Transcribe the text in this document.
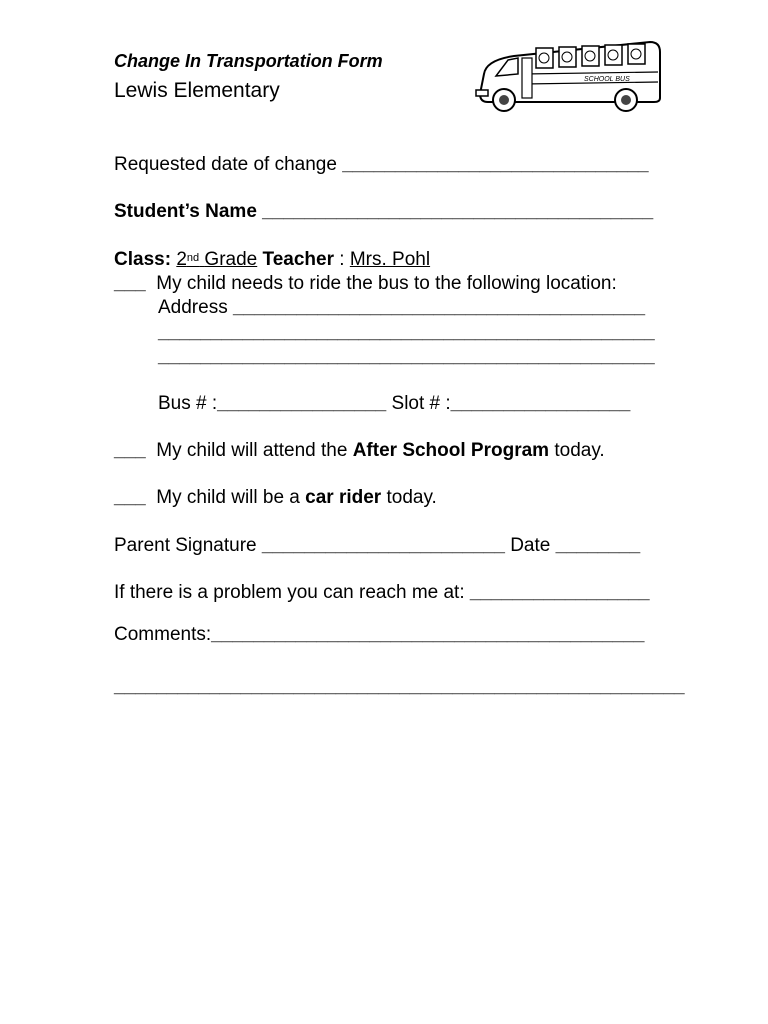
Change In Transportation Form
Lewis Elementary	SCHOOL BUS
Requested date of change _____________________________
Student’s Name _____________________________________
Class: 2nd Grade Teacher : Mrs. Pohl
___ My child needs to ride the bus to the following location:
Address _______________________________________
_______________________________________________
_______________________________________________
Bus # :________________ Slot # :_________________
___ My child will attend the After School Program today.
___ My child will be a car rider today.
Parent Signature _______________________ Date ________
If there is a problem you can reach me at: _________________
Comments:_________________________________________
______________________________________________________
